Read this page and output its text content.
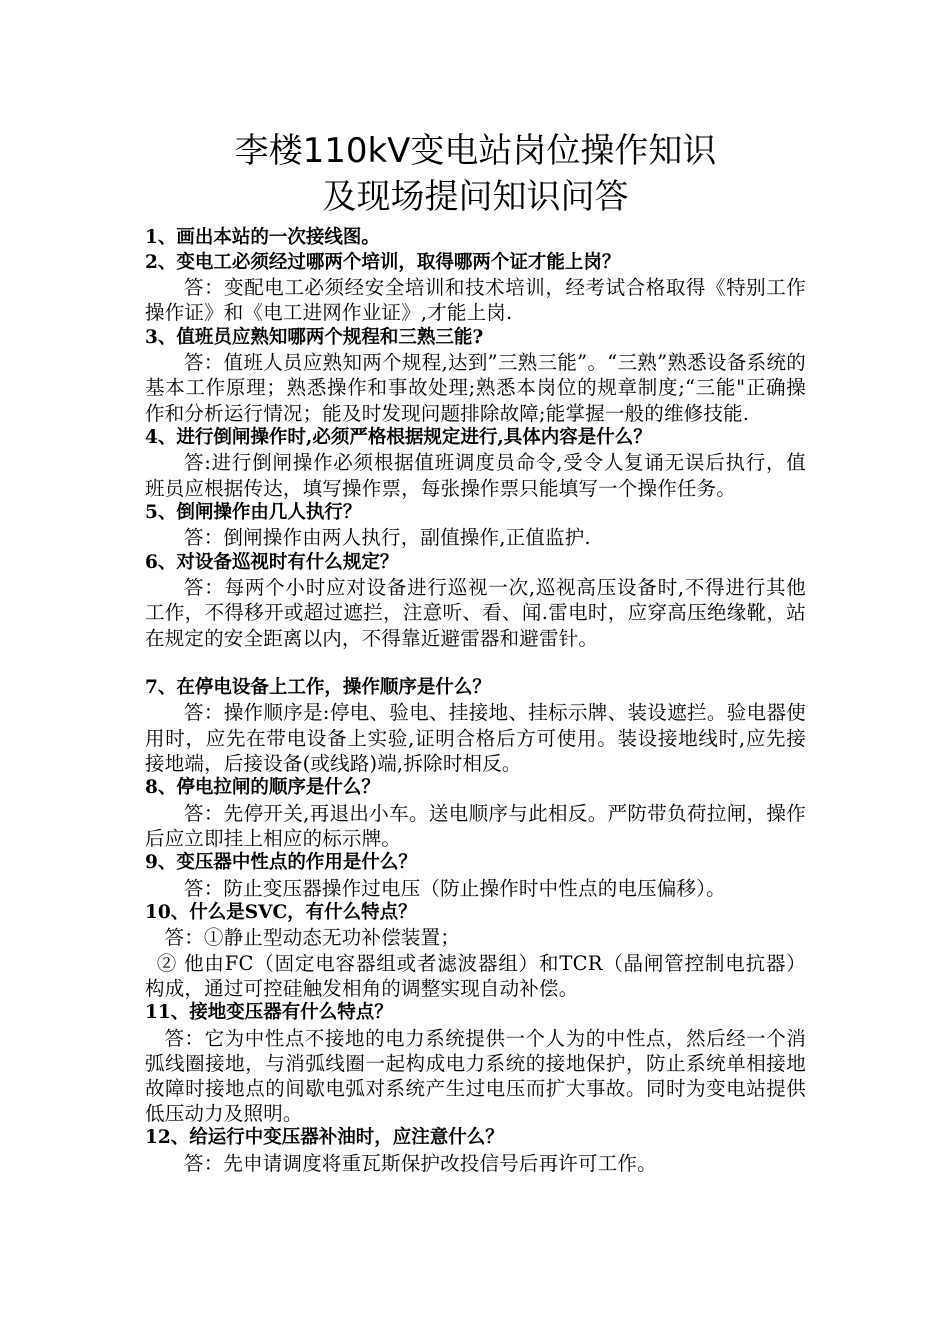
李楼110kV变电站岗位操作知识
及现场提问知识问答

1、画出本站的一次接线图。

2、变电工必须经过哪两个培训，取得哪两个证才能上岗？

答：变配电工必须经安全培训和技术培训，经考试合格取得《特别工作操作证》和《电工进网作业证》,才能上岗.

3、值班员应熟知哪两个规程和三熟三能?

答：值班人员应熟知两个规程,达到”三熟三能”。“三熟”熟悉设备系统的基本工作原理；熟悉操作和事故处理;熟悉本岗位的规章制度;“三能"正确操作和分析运行情况；能及时发现问题排除故障;能掌握一般的维修技能.

4、进行倒闸操作时,必须严格根据规定进行,具体内容是什么？

答:进行倒闸操作必须根据值班调度员命令,受令人复诵无误后执行，值班员应根据传达，填写操作票，每张操作票只能填写一个操作任务。

5、倒闸操作由几人执行？

答：倒闸操作由两人执行，副值操作,正值监护.

6、对设备巡视时有什么规定？

答：每两个小时应对设备进行巡视一次,巡视高压设备时,不得进行其他工作，不得移开或超过遮拦，注意听、看、闻.雷电时，应穿高压绝缘靴，站在规定的安全距离以内，不得靠近避雷器和避雷针。

7、在停电设备上工作，操作顺序是什么？

答：操作顺序是:停电、验电、挂接地、挂标示牌、装设遮拦。验电器使用时，应先在带电设备上实验,证明合格后方可使用。装设接地线时,应先接接地端，后接设备(或线路)端,拆除时相反。

8、停电拉闸的顺序是什么？

答：先停开关,再退出小车。送电顺序与此相反。严防带负荷拉闸，操作后应立即挂上相应的标示牌。

9、变压器中性点的作用是什么？

答：防止变压器操作过电压（防止操作时中性点的电压偏移）。

10、什么是SVC，有什么特点？

答：①静止型动态无功补偿装置；

② 他由FC（固定电容器组或者滤波器组）和TCR（晶闸管控制电抗器）构成，通过可控硅触发相角的调整实现自动补偿。

11、接地变压器有什么特点？

答：它为中性点不接地的电力系统提供一个人为的中性点，然后经一个消弧线圈接地，与消弧线圈一起构成电力系统的接地保护，防止系统单相接地故障时接地点的间歇电弧对系统产生过电压而扩大事故。同时为变电站提供低压动力及照明。

12、给运行中变压器补油时，应注意什么？

答：先申请调度将重瓦斯保护改投信号后再许可工作。
